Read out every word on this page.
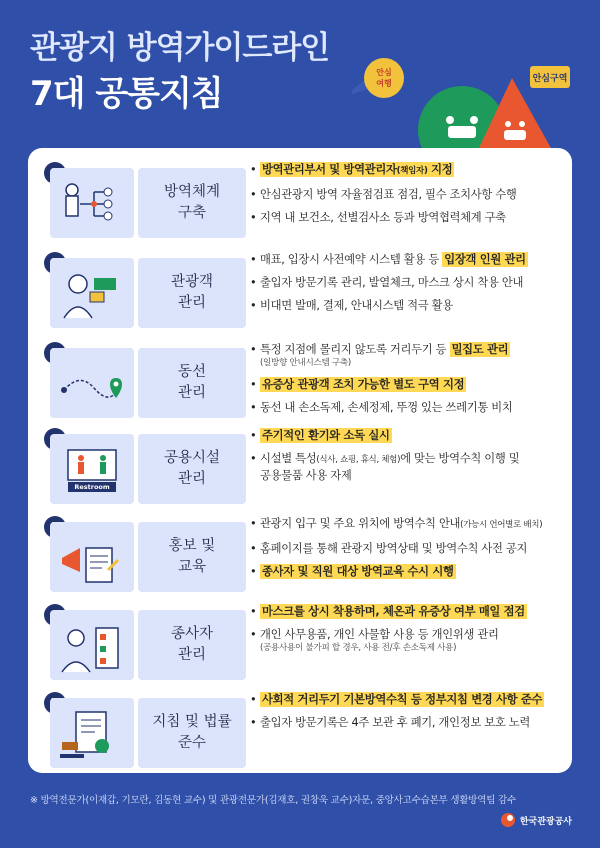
관광지 방역가이드라인
7대 공통지침
안심
여행	안심구역
방역체계
구축
• 방역관리부서 및 방역관리자(책임자) 지정
• 안심관광지 방역 자율점검표 점검, 필수 조치사항 수행
• 지역 내 보건소, 선별검사소 등과 방역협력체계 구축
관광객
관리
• 매표, 입장시 사전예약 시스템 활용 등 입장객 인원 관리
• 출입자 방문기록 관리, 발열체크, 마스크 상시 착용 안내
• 비대면 발매, 결제, 안내시스템 적극 활용
동선
관리
• 특정 지점에 몰리지 않도록 거리두기 등 밀집도 관리
(일방향 안내시스템 구축)
• 유증상 관광객 조치 가능한 별도 구역 지정
• 동선 내 손소독제, 손세정제, 뚜껑 있는 쓰레기통 비치
Restroom
공용시설
관리
• 주기적인 환기와 소독 실시
• 시설별 특성(식사, 쇼핑, 휴식, 체험)에 맞는 방역수칙 이행 및
공용물품 사용 자제
홍보 및
교육
• 관광지 입구 및 주요 위치에 방역수칙 안내(가능시 언어별로 배치)
• 홈페이지를 통해 관광지 방역상태 및 방역수칙 사전 공지
• 종사자 및 직원 대상 방역교육 수시 시행
종사자
관리
• 마스크를 상시 착용하며, 체온과 유증상 여부 매일 점검
• 개인 사무용품, 개인 사물함 사용 등 개인위생 관리
(공용사용이 불가피 할 경우, 사용 전/후 손소독제 사용)
지침 및 법률
준수
• 사회적 거리두기 기본방역수칙 등 정부지침 변경 사항 준수
• 출입자 방문기록은 4주 보관 후 폐기, 개인정보 보호 노력
※ 방역전문가(이재갑, 기모란, 김동현 교수) 및 관광전문가(김재호, 권창욱 교수)자문, 중앙사고수습본부 생활방역팀 감수
한국관광공사
